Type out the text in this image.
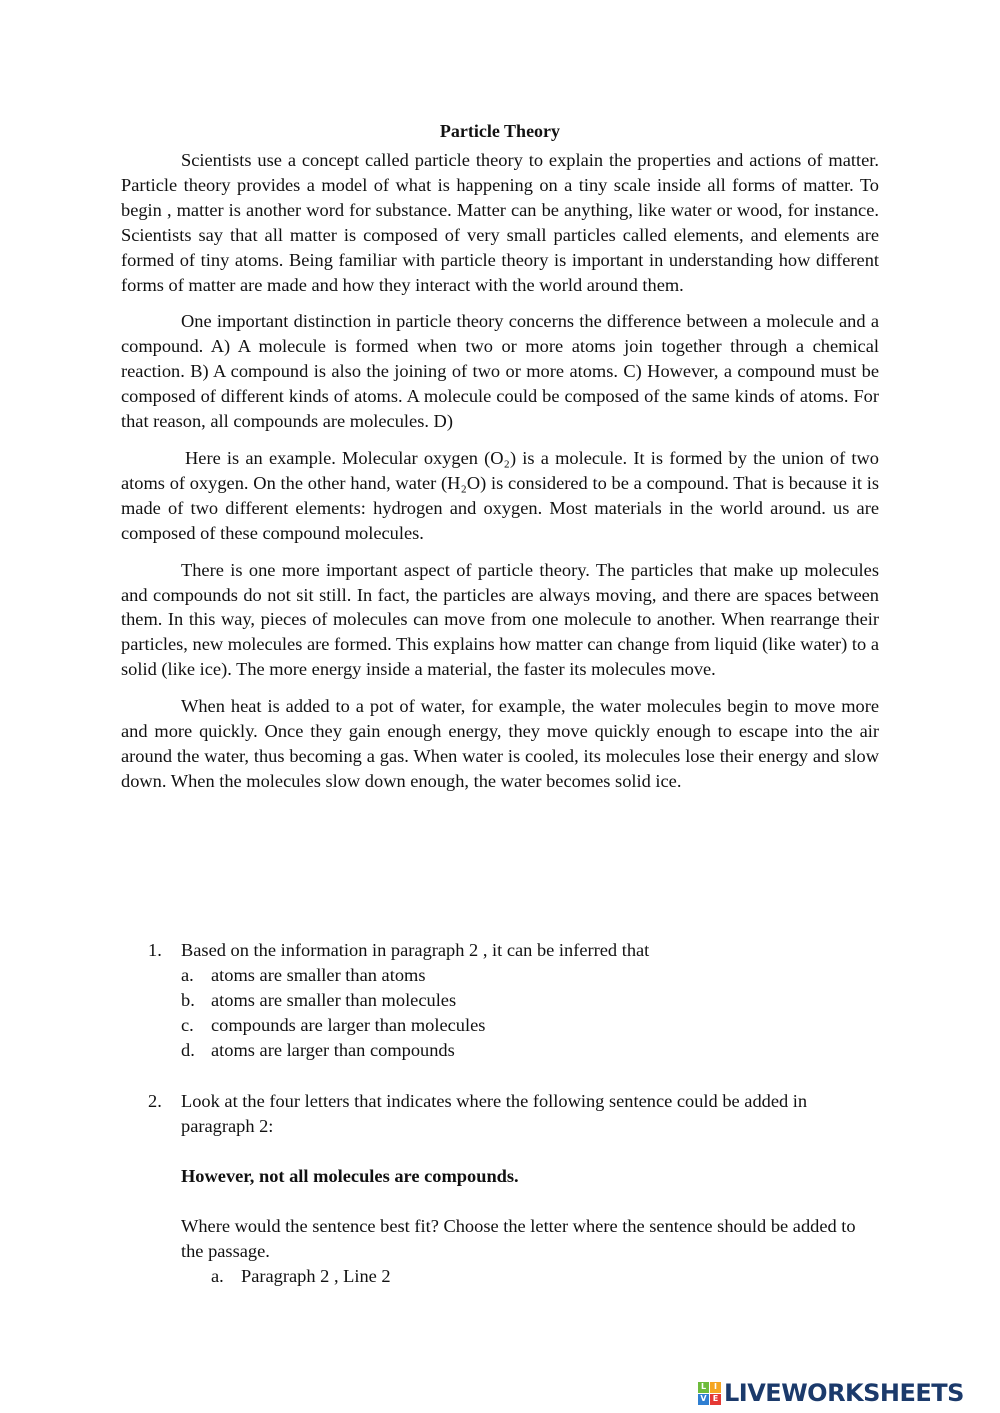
Particle Theory

Scientists use a concept called particle theory to explain the properties and actions of matter. Particle theory provides a model of what is happening on a tiny scale inside all forms of matter. To begin , matter is another word for substance. Matter can be anything, like water or wood, for instance. Scientists say that all matter is composed of very small particles called elements, and elements are formed of tiny atoms. Being familiar with particle theory is important in understanding how different forms of matter are made and how they interact with the world around them.

One important distinction in particle theory concerns the difference between a molecule and a compound. A) A molecule is formed when two or more atoms join together through a chemical reaction. B) A compound is also the joining of two or more atoms. C) However, a compound must be composed of different kinds of atoms. A molecule could be composed of the same kinds of atoms. For that reason, all compounds are molecules. D)

Here is an example. Molecular oxygen (O₂) is a molecule. It is formed by the union of two atoms of oxygen. On the other hand, water (H₂O) is considered to be a compound. That is because it is made of two different elements: hydrogen and oxygen. Most materials in the world around. us are composed of these compound molecules.

There is one more important aspect of particle theory. The particles that make up molecules and compounds do not sit still. In fact, the particles are always moving, and there are spaces between them. In this way, pieces of molecules can move from one molecule to another. When rearrange their particles, new molecules are formed. This explains how matter can change from liquid (like water) to a solid (like ice). The more energy inside a material, the faster its molecules move.

When heat is added to a pot of water, for example, the water molecules begin to move more and more quickly. Once they gain enough energy, they move quickly enough to escape into the air around the water, thus becoming a gas. When water is cooled, its molecules lose their energy and slow down. When the molecules slow down enough, the water becomes solid ice.

1. Based on the information in paragraph 2 , it can be inferred that
a. atoms are smaller than atoms
b. atoms are smaller than molecules
c. compounds are larger than molecules
d. atoms are larger than compounds
2. Look at the four letters that indicates where the following sentence could be added in paragraph 2:
However, not all molecules are compounds.
Where would the sentence best fit? Choose the letter where the sentence should be added to the passage.
a. Paragraph 2 , Line 2
L I
V E LIVEWORKSHEETS
